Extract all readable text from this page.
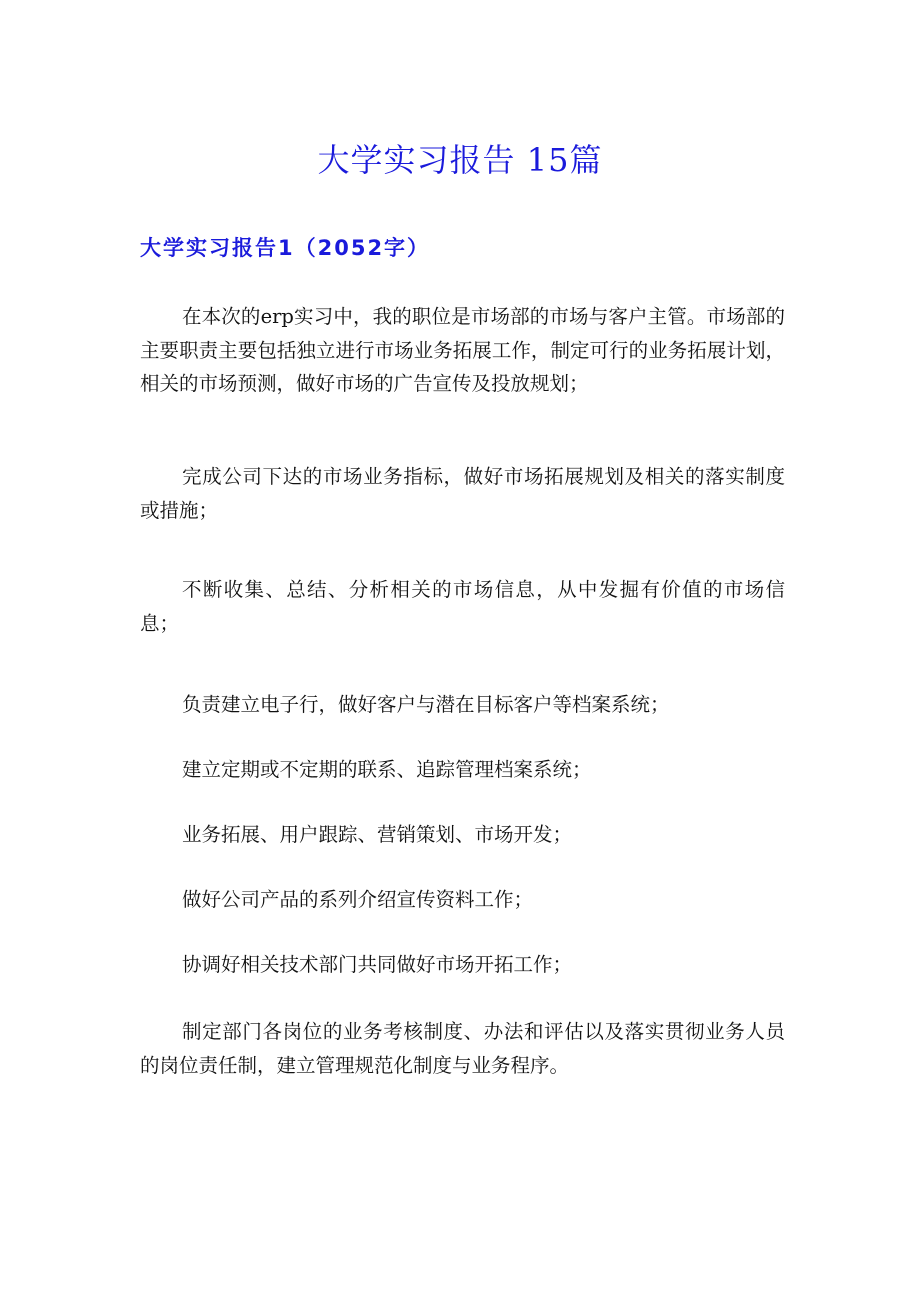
大学实习报告 15篇
大学实习报告1（2052字）

在本次的erp实习中，我的职位是市场部的市场与客户主管。市场部的主要职责主要包括独立进行市场业务拓展工作，制定可行的业务拓展计划，相关的市场预测，做好市场的广告宣传及投放规划；

完成公司下达的市场业务指标，做好市场拓展规划及相关的落实制度或措施；

不断收集、总结、分析相关的市场信息，从中发掘有价值的市场信息；

负责建立电子行，做好客户与潜在目标客户等档案系统；

建立定期或不定期的联系、追踪管理档案系统；

业务拓展、用户跟踪、营销策划、市场开发；

做好公司产品的系列介绍宣传资料工作；

协调好相关技术部门共同做好市场开拓工作；

制定部门各岗位的业务考核制度、办法和评估以及落实贯彻业务人员的岗位责任制，建立管理规范化制度与业务程序。
